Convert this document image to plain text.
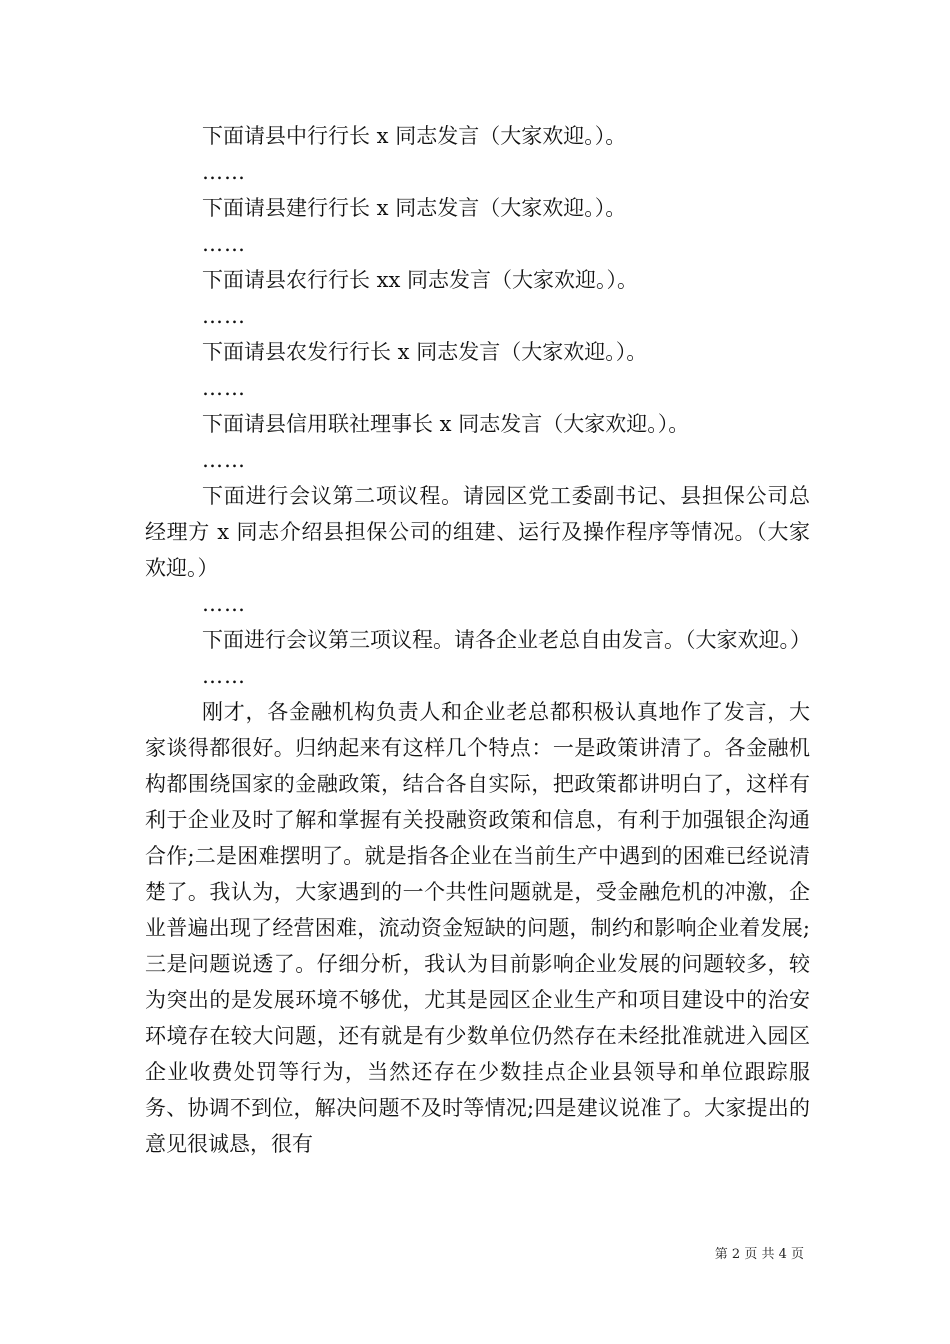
下面请县中行行长 x 同志发言（大家欢迎。）。

……

下面请县建行行长 x 同志发言（大家欢迎。）。

……

下面请县农行行长 xx 同志发言（大家欢迎。）。

……

下面请县农发行行长 x 同志发言（大家欢迎。）。

……

下面请县信用联社理事长 x 同志发言（大家欢迎。）。

……

下面进行会议第二项议程。请园区党工委副书记、县担保公司总经理方 x 同志介绍县担保公司的组建、运行及操作程序等情况。（大家欢迎。）

……

下面进行会议第三项议程。请各企业老总自由发言。（大家欢迎。）

……

刚才，各金融机构负责人和企业老总都积极认真地作了发言，大家谈得都很好。归纳起来有这样几个特点：一是政策讲清了。各金融机构都围绕国家的金融政策，结合各自实际，把政策都讲明白了，这样有利于企业及时了解和掌握有关投融资政策和信息，有利于加强银企沟通合作;二是困难摆明了。就是指各企业在当前生产中遇到的困难已经说清楚了。我认为，大家遇到的一个共性问题就是，受金融危机的冲激，企业普遍出现了经营困难，流动资金短缺的问题，制约和影响企业着发展;三是问题说透了。仔细分析，我认为目前影响企业发展的问题较多，较为突出的是发展环境不够优，尤其是园区企业生产和项目建设中的治安环境存在较大问题，还有就是有少数单位仍然存在未经批准就进入园区企业收费处罚等行为，当然还存在少数挂点企业县领导和单位跟踪服务、协调不到位，解决问题不及时等情况;四是建议说准了。大家提出的意见很诚恳，很有

第 2 页 共 4 页
